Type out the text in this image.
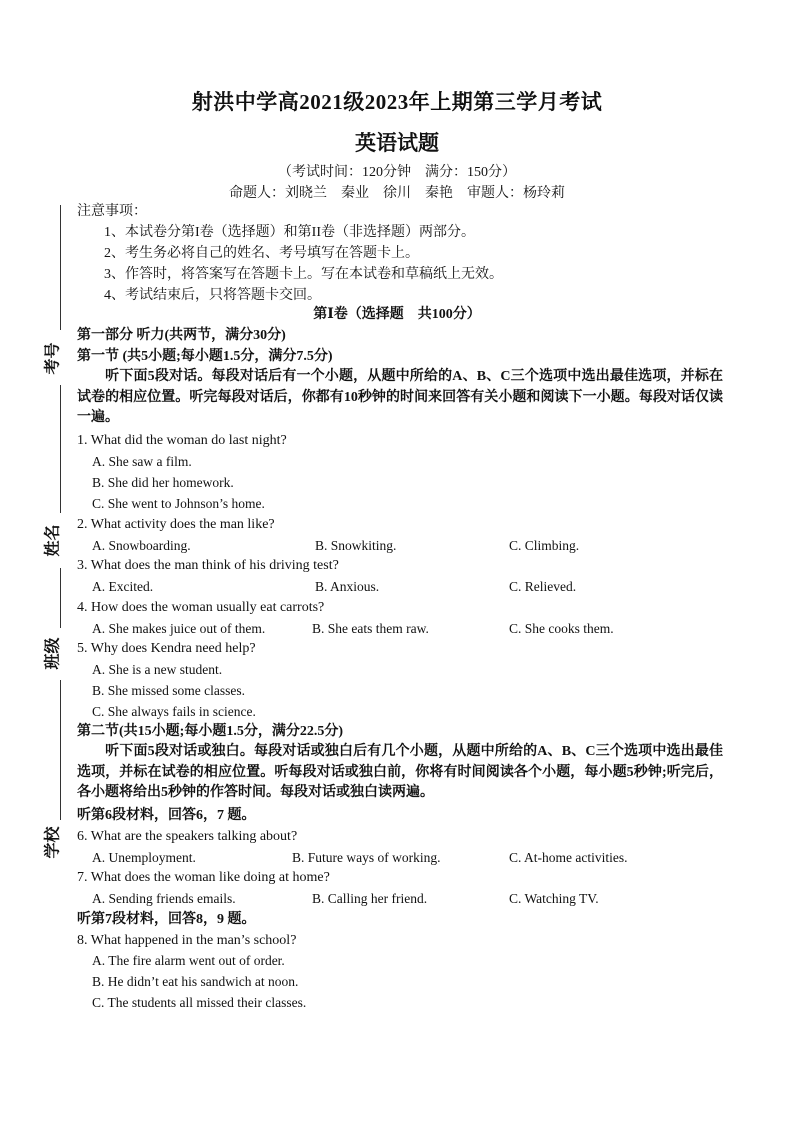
射洪中学高2021级2023年上期第三学月考试
英语试题
（考试时间：120分钟　满分：150分）
命题人：刘晓兰　秦业　徐川　秦艳　审题人：杨玲莉
考号
姓名
班级
学校
注意事项：
1、本试卷分第I卷（选择题）和第II卷（非选择题）两部分。
2、考生务必将自己的姓名、考号填写在答题卡上。
3、作答时，将答案写在答题卡上。写在本试卷和草稿纸上无效。
4、考试结束后，只将答题卡交回。
第Ⅰ卷（选择题　共100分）
第一部分 听力(共两节，满分30分)
第一节 (共5小题;每小题1.5分，满分7.5分)
听下面5段对话。每段对话后有一个小题，从题中所给的A、B、C三个选项中选出最佳选项，并标在试卷的相应位置。听完每段对话后，你都有10秒钟的时间来回答有关小题和阅读下一小题。每段对话仅读一遍。
1. What did the woman do last night?
A. She saw a film.
B. She did her homework.
C. She went to Johnson’s home.
2. What activity does the man like?
A. Snowboarding.	B. Snowkiting.	C. Climbing.
3. What does the man think of his driving test?
A. Excited.	B. Anxious.	C. Relieved.
4. How does the woman usually eat carrots?
A. She makes juice out of them.	B. She eats them raw.	C. She cooks them.
5. Why does Kendra need help?
A. She is a new student.
B. She missed some classes.
C. She always fails in science.
第二节(共15小题;每小题1.5分，满分22.5分)
听下面5段对话或独白。每段对话或独白后有几个小题，从题中所给的A、B、C三个选项中选出最佳选项，并标在试卷的相应位置。听每段对话或独白前，你将有时间阅读各个小题，每小题5秒钟;听完后，各小题将给出5秒钟的作答时间。每段对话或独白读两遍。
听第6段材料，回答6，7 题。
6. What are the speakers talking about?
A. Unemployment.	B. Future ways of working.	C. At-home activities.
7. What does the woman like doing at home?
A. Sending friends emails.	B. Calling her friend.	C. Watching TV.
听第7段材料，回答8，9 题。
8. What happened in the man’s school?
A. The fire alarm went out of order.
B. He didn’t eat his sandwich at noon.
C. The students all missed their classes.
